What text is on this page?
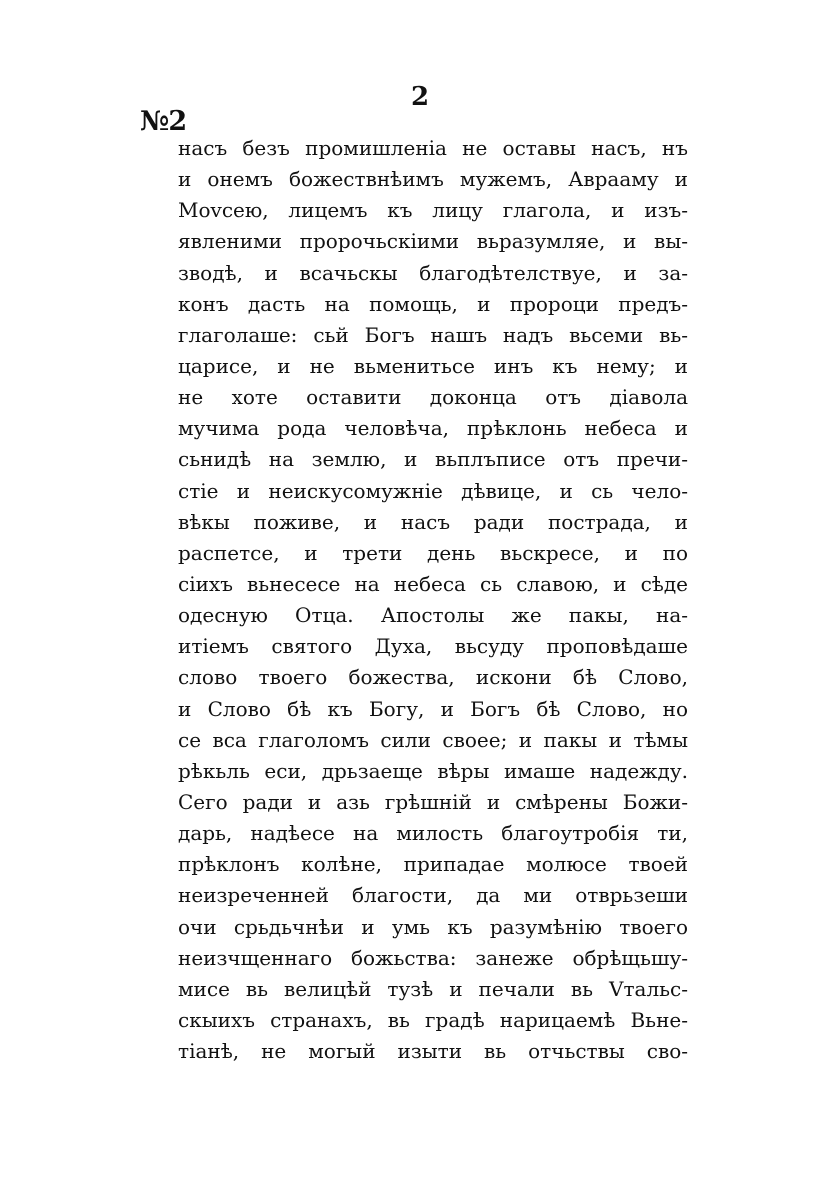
2
№2
насъ безъ промишленіа не оставы насъ, нъ
и онемъ божествнѣимъ мужемъ, Аврааму и
Моvсею, лицемъ къ лицу глагола, и изъ-
явленими пророчьскіими вьразумляе, и вы-
зводѣ, и всачьскы благодѣтелствуе, и за-
конъ дасть на помощь, и пророци предъ-
глаголаше: сьй Богъ нашъ надъ вьсеми вь-
царисе, и не вьменитьсе инъ къ нему; и
не хоте оставити доконца отъ діавола
мучима рода человѣча, прѣклонь небеса и
сьнидѣ на землю, и вьплъписе отъ пречи-
стіе и неискусомужніе дѣвице, и сь чело-
вѣкы поживе, и насъ ради пострада, и
распетсе, и трети день вьскресе, и по
сіихъ вьнесесе на небеса сь славою, и сѣде
одесную Отца. Апостолы же пакы, на-
итіемъ святого Духа, вьсуду проповѣдаше
слово твоего божества, искони бѣ Слово,
и Слово бѣ къ Богу, и Богъ бѣ Слово, но
се вса глаголомъ сили своее; и пакы и тѣмы
рѣкьль еси, дрьзаеще вѣры имаше надежду.
Сего ради и азь грѣшній и смѣрены Божи-
дарь, надѣесе на милость благоутробія ти,
прѣклонъ колѣне, припадае молюсе твоей
неизреченней благости, да ми отврьзеши
очи срьдьчнѣи и умь къ разумѣнію твоего
неизчщеннаго божьства: занеже обрѣщьшу-
мисе вь велицѣй тузѣ и печали вь Vтальс-
скыихъ странахъ, вь градѣ нарицаемѣ Вьне-
тіанѣ, не могый изыти вь отчьствы сво-
